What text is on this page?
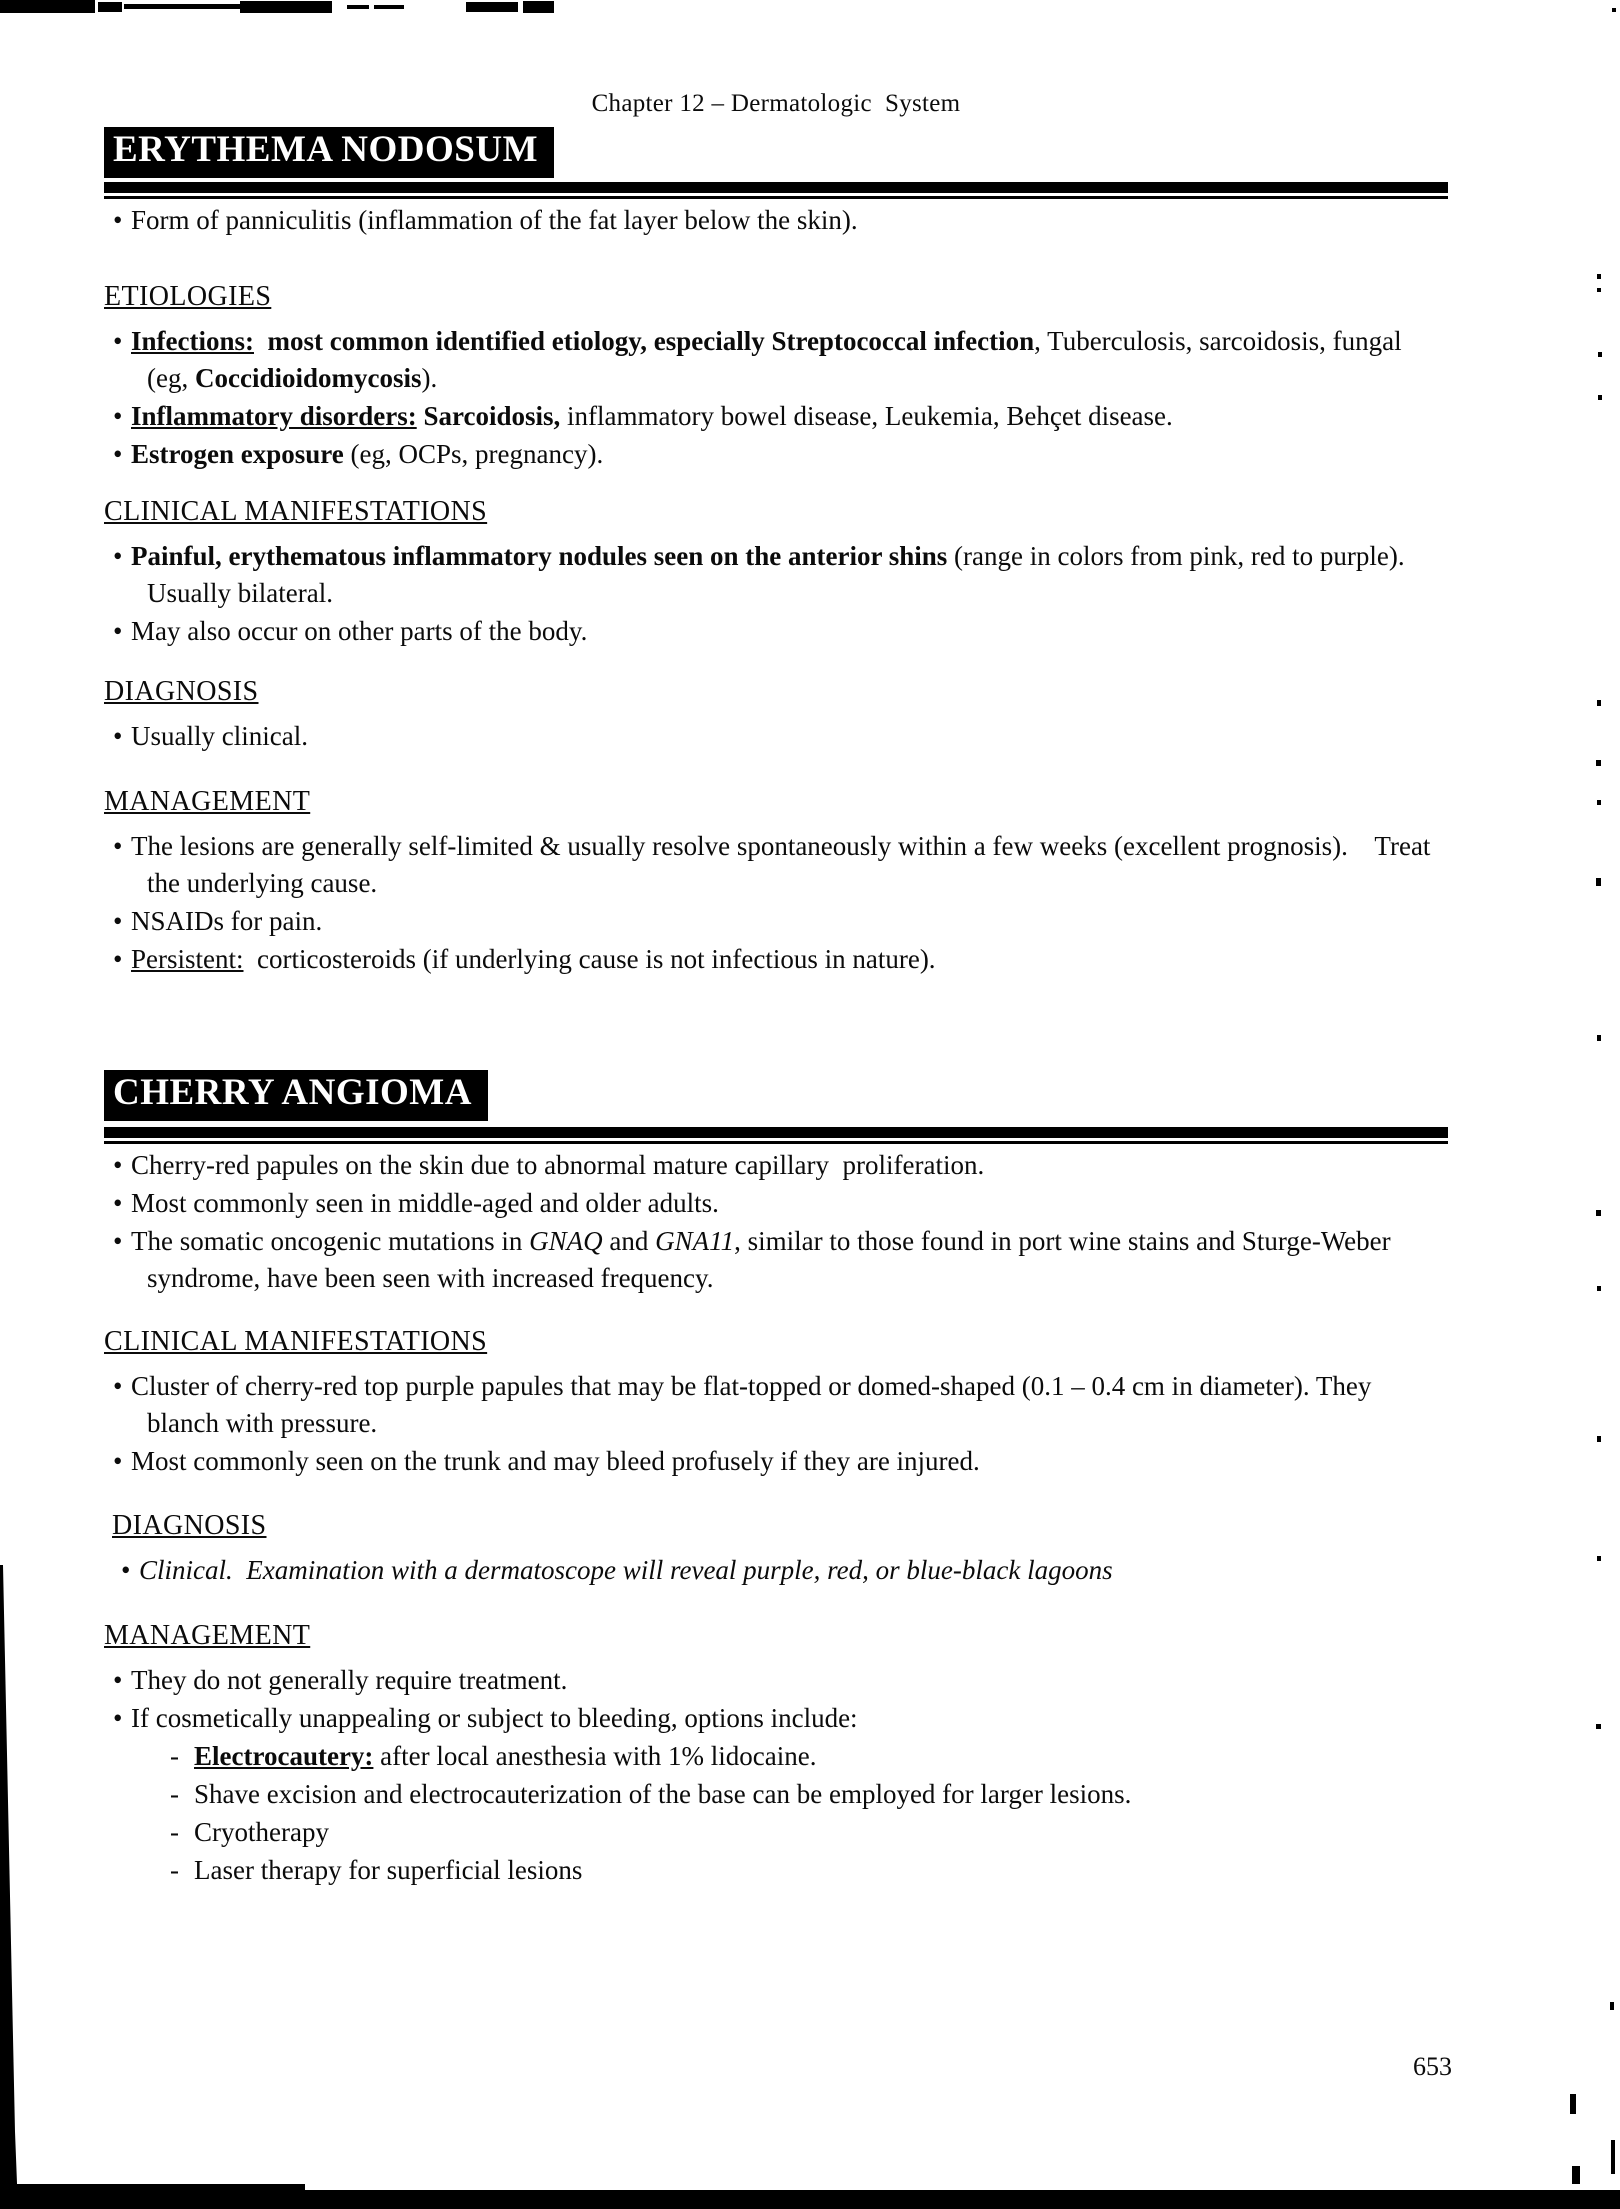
Chapter 12 – Dermatologic  System
ERYTHEMA NODOSUM
• Form of panniculitis (inflammation of the fat layer below the skin).
ETIOLOGIES
• Infections:  most common identified etiology, especially Streptococcal infection, Tuberculosis, sarcoidosis, fungal (eg, Coccidioidomycosis).
• Inflammatory disorders: Sarcoidosis, inflammatory bowel disease, Leukemia, Behçet disease.
• Estrogen exposure (eg, OCPs, pregnancy).
CLINICAL MANIFESTATIONS
• Painful, erythematous inflammatory nodules seen on the anterior shins (range in colors from pink, red to purple).  Usually bilateral.
• May also occur on other parts of the body.
DIAGNOSIS
• Usually clinical.
MANAGEMENT
• The lesions are generally self-limited & usually resolve spontaneously within a few weeks (excellent prognosis).    Treat the underlying cause.
• NSAIDs for pain.
• Persistent:  corticosteroids (if underlying cause is not infectious in nature).
CHERRY ANGIOMA
• Cherry-red papules on the skin due to abnormal mature capillary  proliferation.
• Most commonly seen in middle-aged and older adults.
• The somatic oncogenic mutations in GNAQ and GNA11, similar to those found in port wine stains and Sturge-Weber syndrome, have been seen with increased frequency.
CLINICAL MANIFESTATIONS
• Cluster of cherry-red top purple papules that may be flat-topped or domed-shaped (0.1 – 0.4 cm in diameter). They blanch with pressure.
• Most commonly seen on the trunk and may bleed profusely if they are injured.
DIAGNOSIS
• Clinical.  Examination with a dermatoscope will reveal purple, red, or blue-black lagoons
MANAGEMENT
• They do not generally require treatment.
• If cosmetically unappealing or subject to bleeding, options include:
- Electrocautery: after local anesthesia with 1% lidocaine.
- Shave excision and electrocauterization of the base can be employed for larger lesions.
- Cryotherapy
- Laser therapy for superficial lesions
653
